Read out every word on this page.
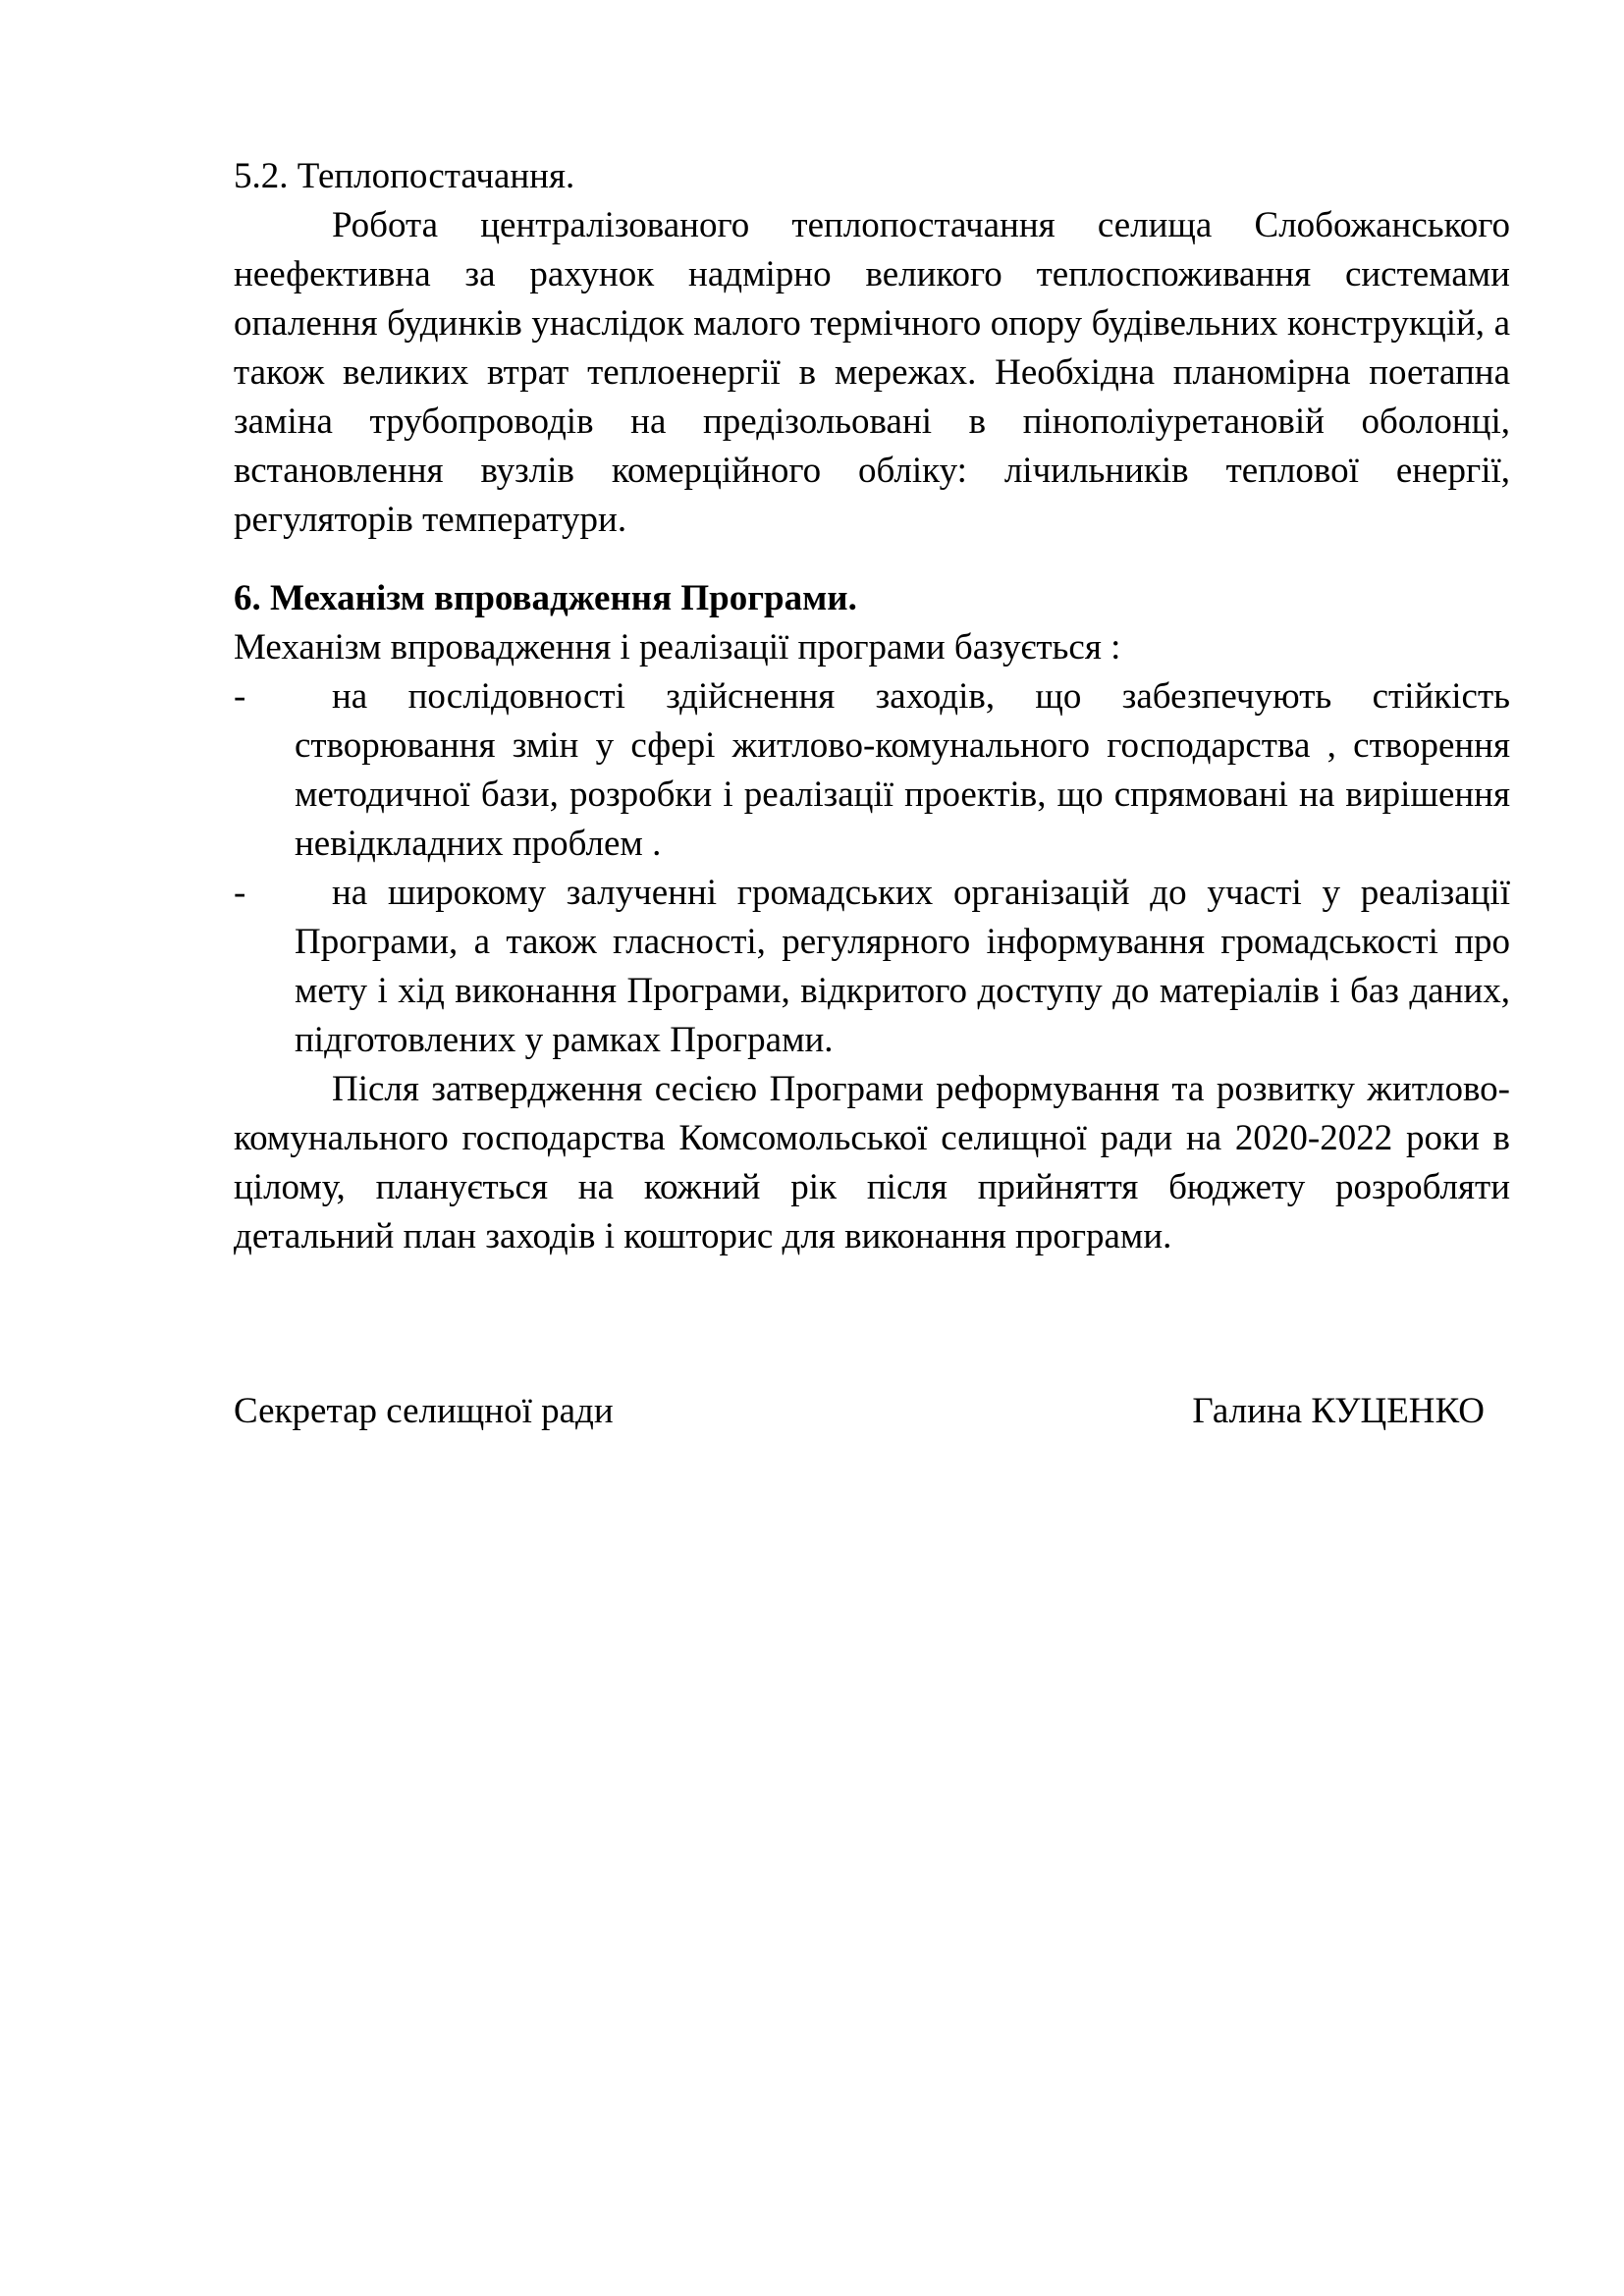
5.2. Теплопостачання.

Робота централізованого теплопостачання селища Слобожанського неефективна за рахунок надмірно великого теплоспоживання системами опалення будинків унаслідок малого термічного опору будівельних конструкцій, а також великих втрат теплоенергії в мережах. Необхідна планомірна поетапна заміна трубопроводів на предізольовані в пінополіуретановій оболонці, встановлення вузлів комерційного обліку: лічильників теплової енергії, регуляторів температури.

6. Механізм впровадження Програми.

Механізм впровадження і реалізації програми базується :

-	на послідовності здійснення заходів, що забезпечують стійкість створювання змін у сфері житлово-комунального господарства , створення методичної бази, розробки і реалізації проектів, що спрямовані на вирішення невідкладних проблем .
-	на широкому залученні громадських організацій до участі у реалізації Програми, а також гласності, регулярного інформування громадськості про мету і хід виконання Програми, відкритого доступу до матеріалів і баз даних, підготовлених у рамках Програми.

Після затвердження сесією Програми реформування та розвитку житлово-комунального господарства Комсомольської селищної ради на 2020-2022 роки в цілому, планується на кожний рік після прийняття бюджету розробляти детальний план заходів і кошторис для виконання програми.

Секретар селищної ради	Галина КУЦЕНКО
